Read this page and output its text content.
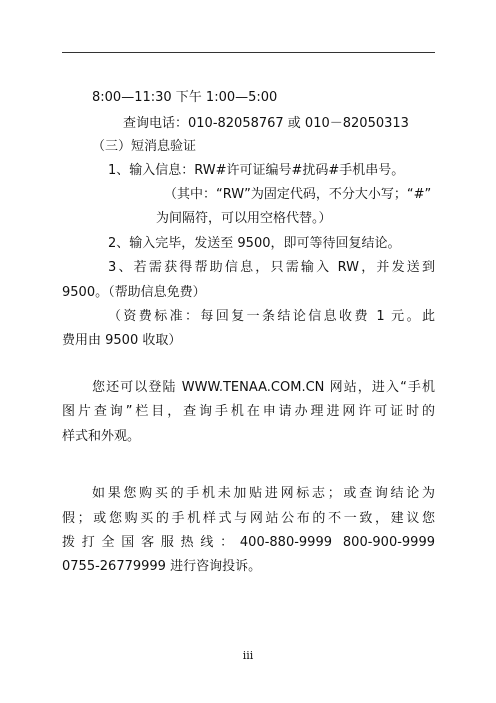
8:00—11:30 下午 1:00—5:00
查询电话：010-82058767 或 010－82050313
（三）短消息验证
1、输入信息：RW#许可证编号#扰码#手机串号。
（其中：“RW”为固定代码，不分大小写；“#”
为间隔符，可以用空格代替。）
2、输入完毕，发送至 9500，即可等待回复结论。
3、若需获得帮助信息，只需输入 RW，并发送到
9500。（帮助信息免费）
（资费标准：每回复一条结论信息收费 1 元。此
费用由 9500 收取）
您还可以登陆 WWW.TENAA.COM.CN 网站，进入“手机
图片查询”栏目，查询手机在申请办理进网许可证时的
样式和外观。
如果您购买的手机未加贴进网标志；或查询结论为
假；或您购买的手机样式与网站公布的不一致，建议您
拨打全国客服热线：400-880-9999 800-900-9999
0755-26779999 进行咨询投诉。
iii
